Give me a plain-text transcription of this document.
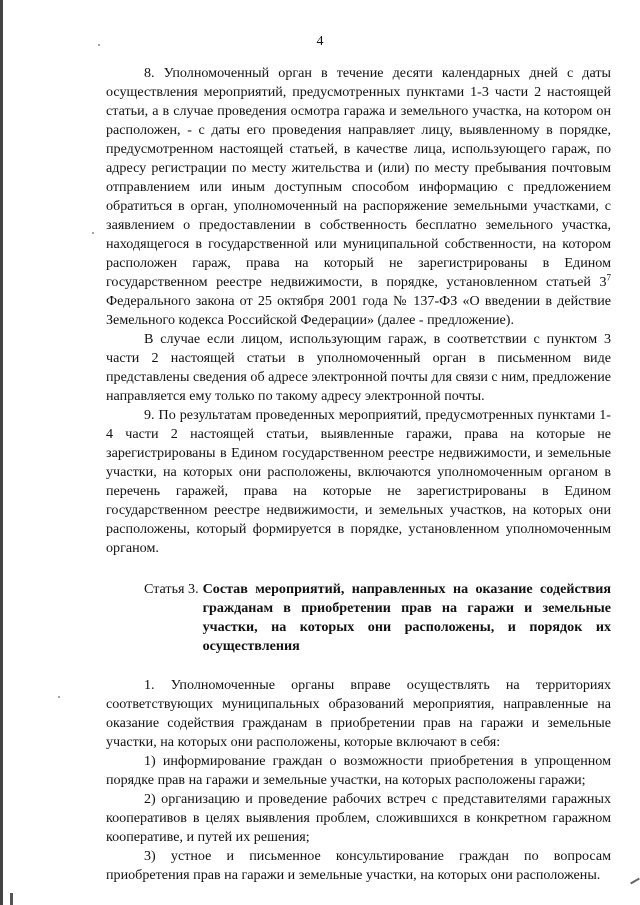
4

8. Уполномоченный орган в течение десяти календарных дней с даты осуществления мероприятий, предусмотренных пунктами 1-3 части 2 настоящей статьи, а в случае проведения осмотра гаража и земельного участка, на котором он расположен, - с даты его проведения направляет лицу, выявленному в порядке, предусмотренном настоящей статьей, в качестве лица, использующего гараж, по адресу регистрации по месту жительства и (или) по месту пребывания почтовым отправлением или иным доступным способом информацию с предложением обратиться в орган, уполномоченный на распоряжение земельными участками, с заявлением о предоставлении в собственность бесплатно земельного участка, находящегося в государственной или муниципальной собственности, на котором расположен гараж, права на который не зарегистрированы в Едином государственном реестре недвижимости, в порядке, установленном статьей $3^7$ Федерального закона от 25 октября 2001 года № 137-ФЗ «О введении в действие Земельного кодекса Российской Федерации» (далее - предложение).

В случае если лицом, использующим гараж, в соответствии с пунктом 3 части 2 настоящей статьи в уполномоченный орган в письменном виде представлены сведения об адресе электронной почты для связи с ним, предложение направляется ему только по такому адресу электронной почты.

9. По результатам проведенных мероприятий, предусмотренных пунктами 1-4 части 2 настоящей статьи, выявленные гаражи, права на которые не зарегистрированы в Едином государственном реестре недвижимости, и земельные участки, на которых они расположены, включаются уполномоченным органом в перечень гаражей, права на которые не зарегистрированы в Едином государственном реестре недвижимости, и земельных участков, на которых они расположены, который формируется в порядке, установленном уполномоченным органом.

Статья 3. Состав мероприятий, направленных на оказание содействия гражданам в приобретении прав на гаражи и земельные участки, на которых они расположены, и порядок их осуществления

1. Уполномоченные органы вправе осуществлять на территориях соответствующих муниципальных образований мероприятия, направленные на оказание содействия гражданам в приобретении прав на гаражи и земельные участки, на которых они расположены, которые включают в себя:

1) информирование граждан о возможности приобретения в упрощенном порядке прав на гаражи и земельные участки, на которых расположены гаражи;

2) организацию и проведение рабочих встреч с представителями гаражных кооперативов в целях выявления проблем, сложившихся в конкретном гаражном кооперативе, и путей их решения;

3) устное и письменное консультирование граждан по вопросам приобретения прав на гаражи и земельные участки, на которых они расположены.
